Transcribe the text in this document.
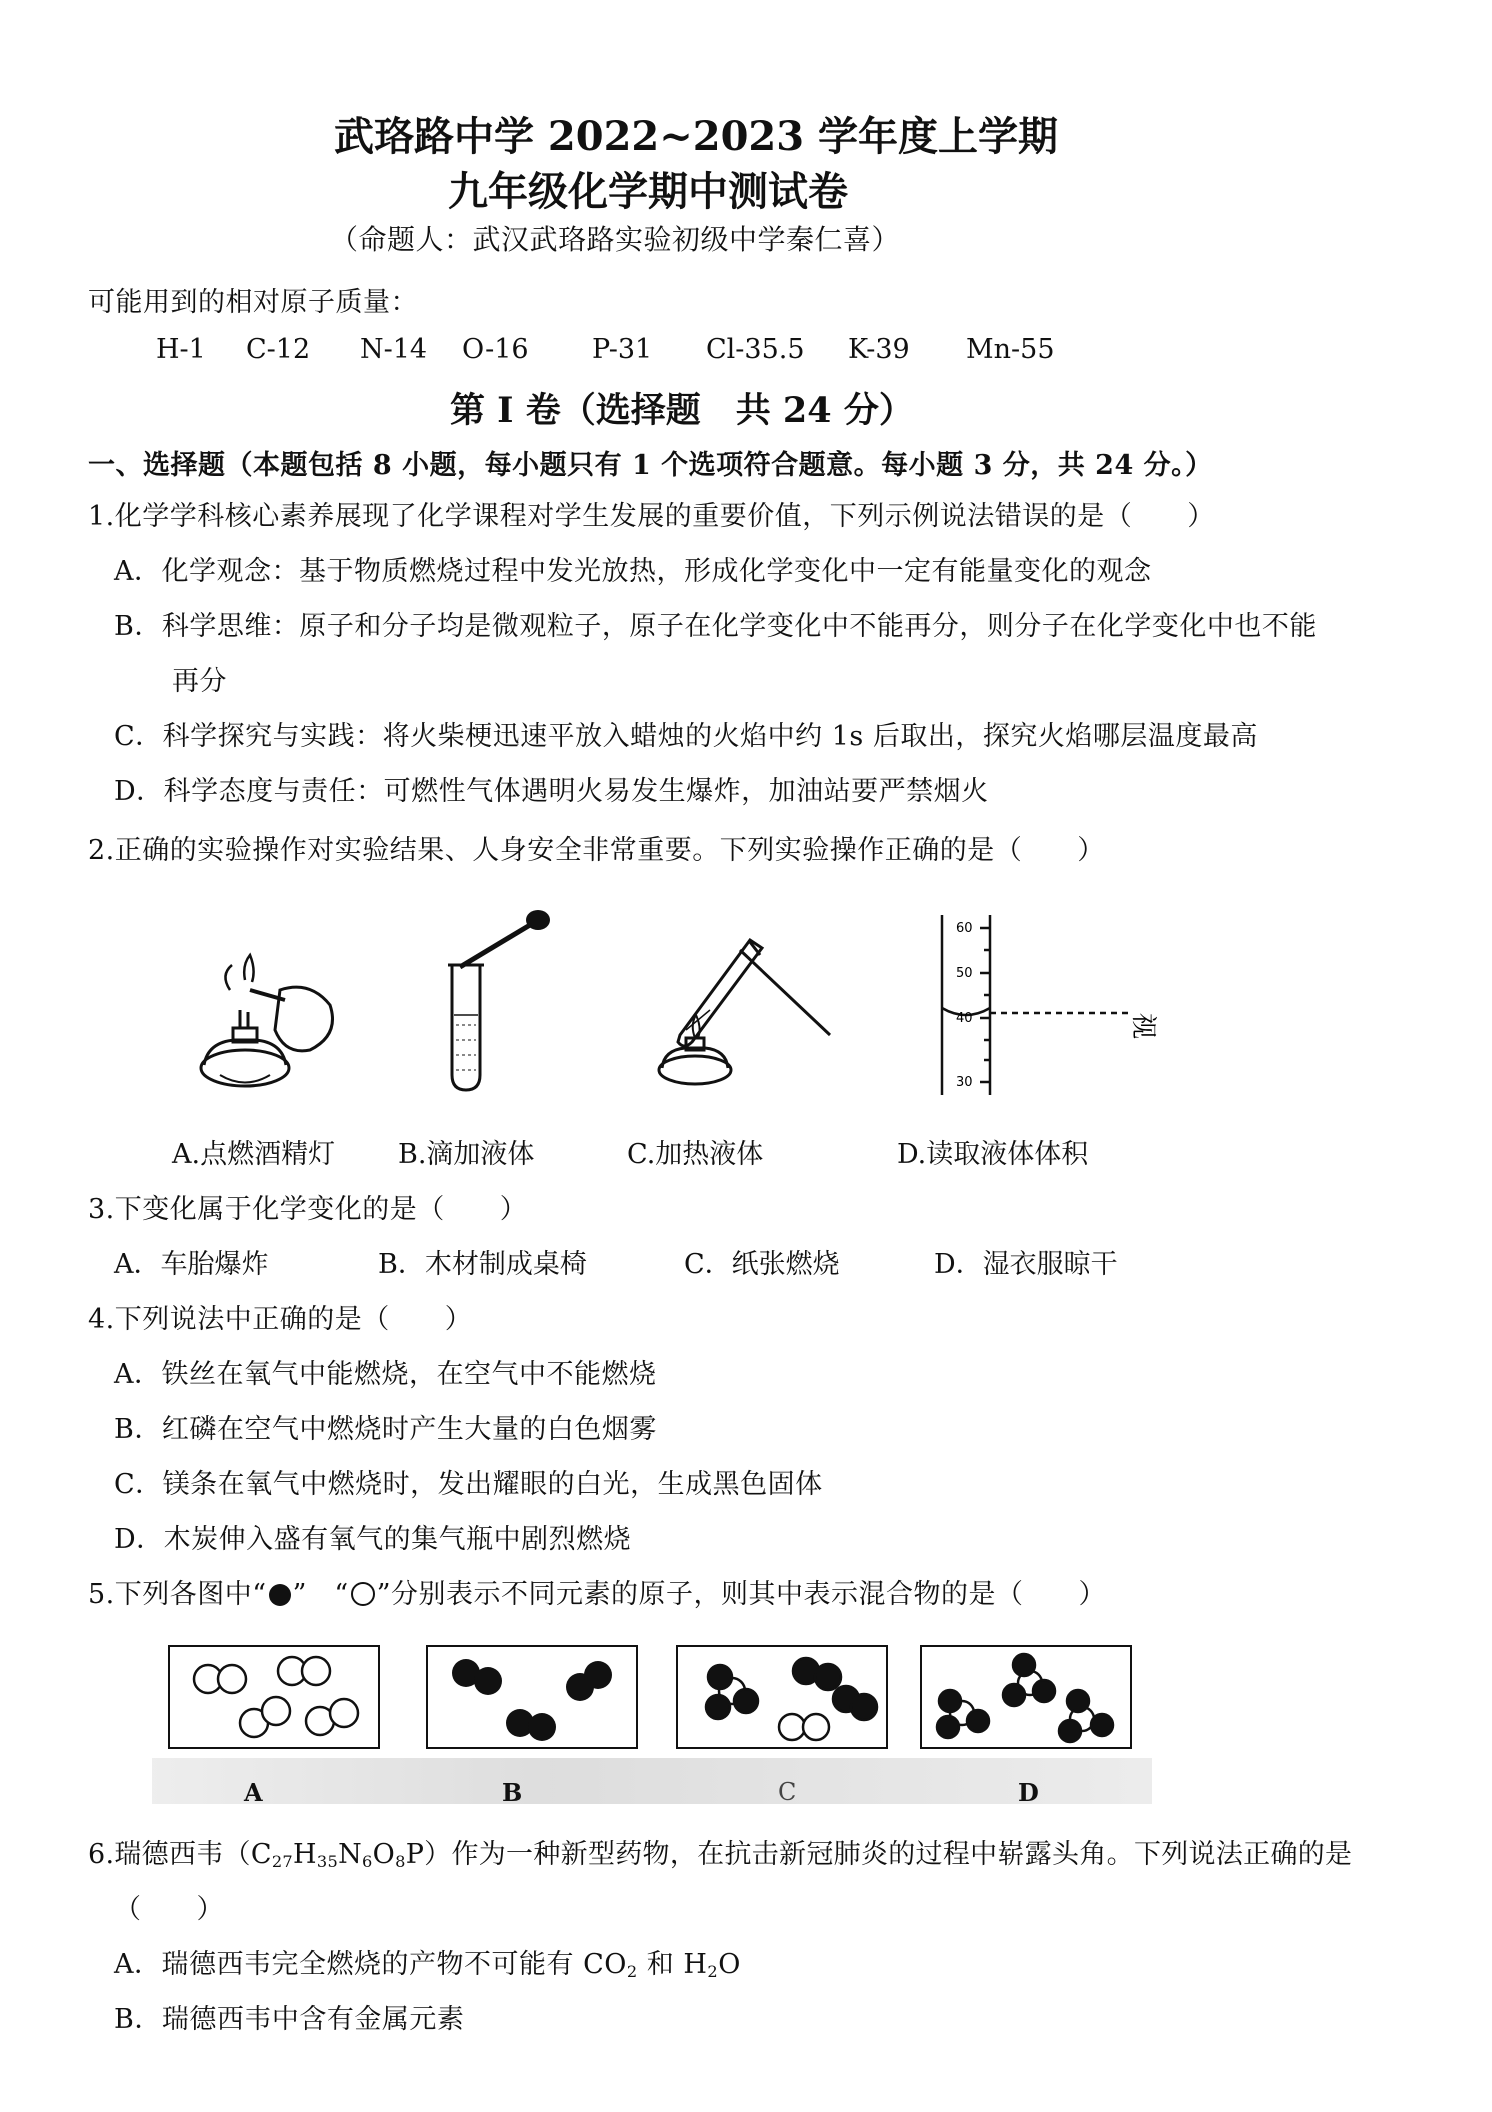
武珞路中学 2022~2023 学年度上学期
九年级化学期中测试卷
（命题人：武汉武珞路实验初级中学秦仁喜）
可能用到的相对原子质量：
H-1 C-12 N-14 O-16 P-31 Cl-35.5 K-39 Mn-55
第 I 卷（选择题　共 24 分）
一、选择题（本题包括 8 小题，每小题只有 1 个选项符合题意。每小题 3 分，共 24 分。）
1.化学学科核心素养展现了化学课程对学生发展的重要价值，下列示例说法错误的是（　　）
A．化学观念：基于物质燃烧过程中发光放热，形成化学变化中一定有能量变化的观念
B．科学思维：原子和分子均是微观粒子，原子在化学变化中不能再分，则分子在化学变化中也不能
再分
C．科学探究与实践：将火柴梗迅速平放入蜡烛的火焰中约 1s 后取出，探究火焰哪层温度最高
D．科学态度与责任：可燃性气体遇明火易发生爆炸，加油站要严禁烟火
2.正确的实验操作对实验结果、人身安全非常重要。下列实验操作正确的是（　　）
60
50
40
30
视
A.点燃酒精灯 B.滴加液体	C.加热液体	D.读取液体体积
3.下变化属于化学变化的是（　　）
A．车胎爆炸	B．木材制成桌椅	C．纸张燃烧	D．湿衣服晾干
4.下列说法中正确的是（　　）
A．铁丝在氧气中能燃烧，在空气中不能燃烧
B．红磷在空气中燃烧时产生大量的白色烟雾
C．镁条在氧气中燃烧时，发出耀眼的白光，生成黑色固体
D．木炭伸入盛有氧气的集气瓶中剧烈燃烧
5.下列各图中“ ”　“ ”分别表示不同元素的原子，则其中表示混合物的是（　　）
A	B	C	D
6.瑞德西韦$(C_{27}H_{35}N_6O_8P)$作为一种新型药物，在抗击新冠肺炎的过程中崭露头角。下列说法正确的是
（　　）
A．瑞德西韦完全燃烧的产物不可能有 $CO_2$ 和 $H_2O$
B．瑞德西韦中含有金属元素
